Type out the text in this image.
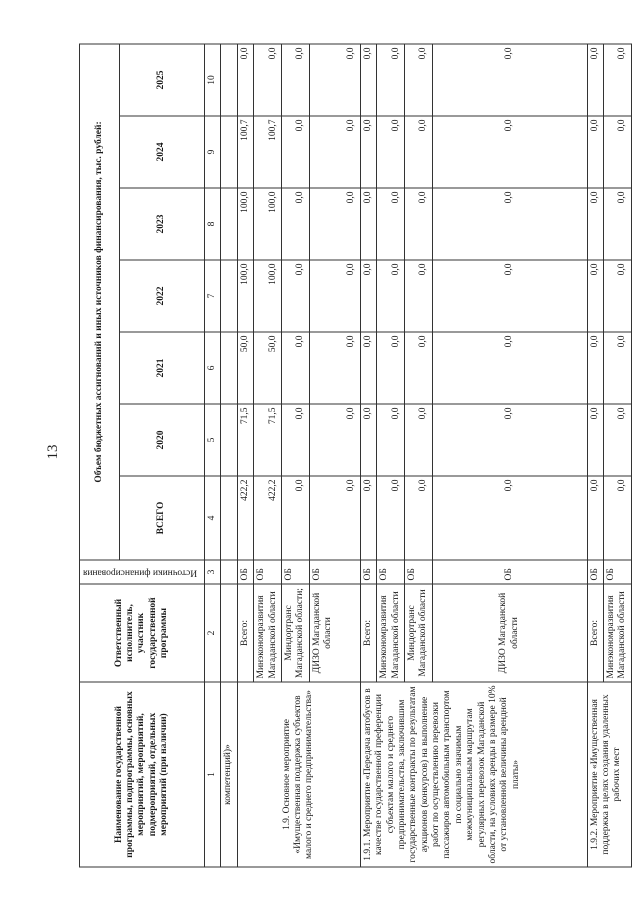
13
Наименование государственной программы, подпрограммы, основных мероприятий, мероприятий, подмероприятий, отдельных мероприятий (при наличии)	Ответственный исполнитель, участник государственной программы	Источники финансирования	Объем бюджетных ассигнований и иных источников финансирования, тыс. рублей:						
			ВСЕГО	2020	2021	2022	2023	2024	2025
1	2	3	4	5	6	7	8	9	10
компетенций)»									
1.9. Основное мероприятие «Имущественная поддержка субъектов малого и среднего предпринимательства»	Всего:	ОБ	422,2	71,5	50,0	100,0	100,0	100,7	0,0
	Минэкономразвития Магаданской области	ОБ	422,2	71,5	50,0	100,0	100,0	100,7	0,0
	Миндортранс Магаданской области;	ОБ	0,0	0,0	0,0	0,0	0,0	0,0	0,0
	ДИЗО Магаданской области	ОБ	0,0	0,0	0,0	0,0	0,0	0,0	0,0
1.9.1. Мероприятие «Передача автобусов в качестве государственной преференции субъектам малого и среднего предпринимательства, заключившим государственные контракты по результатам аукционов (конкурсов) на выполнение работ по осуществлению перевозки пассажиров автомобильным транспортом по социально значимым межмуниципальным маршрутам регулярных перевозок Магаданской области, на условиях аренды в размере 10% от установленной величины арендной платы»	Всего:	ОБ	0,0	0,0	0,0	0,0	0,0	0,0	0,0
	Минэкономразвития Магаданской области	ОБ	0,0	0,0	0,0	0,0	0,0	0,0	0,0
	Миндортранс Магаданской области	ОБ	0,0	0,0	0,0	0,0	0,0	0,0	0,0
	ДИЗО Магаданской области	ОБ	0,0	0,0	0,0	0,0	0,0	0,0	0,0
1.9.2. Мероприятие «Имущественная поддержка в целях создания удаленных рабочих мест	Всего:	ОБ	0,0	0,0	0,0	0,0	0,0	0,0	0,0
	Минэкономразвития Магаданской области	ОБ	0,0	0,0	0,0	0,0	0,0	0,0	0,0
